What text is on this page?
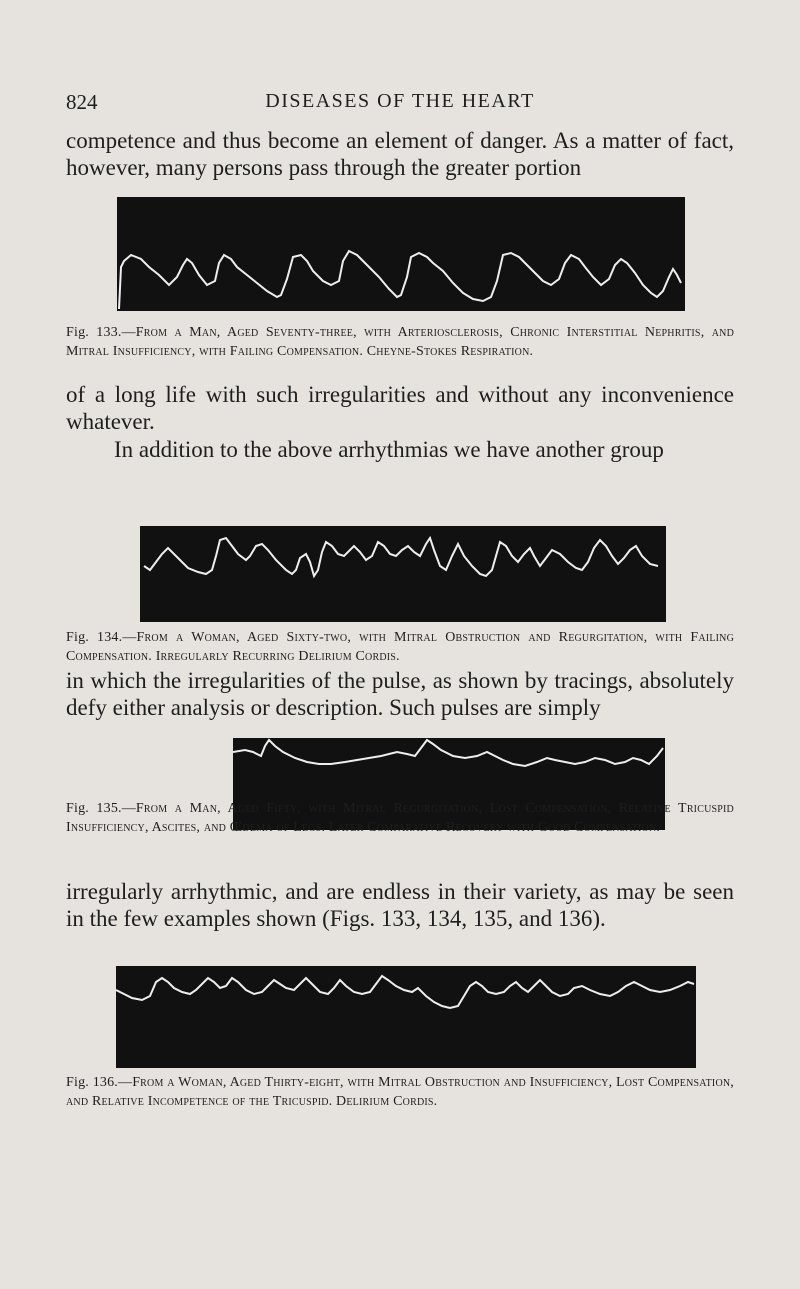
824	DISEASES OF THE HEART

competence and thus become an element of danger. As a matter of fact, however, many persons pass through the greater portion

Fig. 133.—From a Man, Aged Seventy-three, with Arteriosclerosis, Chronic Interstitial Nephritis, and Mitral Insufficiency, with Failing Compensation. Cheyne-Stokes Respiration.

of a long life with such irregularities and without any inconvenience whatever.

In addition to the above arrhythmias we have another group

Fig. 134.—From a Woman, Aged Sixty-two, with Mitral Obstruction and Regurgitation, with Failing Compensation. Irregularly Recurring Delirium Cordis.

in which the irregularities of the pulse, as shown by tracings, absolutely defy either analysis or description. Such pulses are simply

Fig. 135.—From a Man, Aged Fifty, with Mitral Regurgitation, Lost Compensation, Relative Tricuspid Insufficiency, Ascites, and Œdema of Legs. Later Comparative Recovery with Good Compensation.

irregularly arrhythmic, and are endless in their variety, as may be seen in the few examples shown (Figs. 133, 134, 135, and 136).

Fig. 136.—From a Woman, Aged Thirty-eight, with Mitral Obstruction and Insufficiency, Lost Compensation, and Relative Incompetence of the Tricuspid. Delirium Cordis.
